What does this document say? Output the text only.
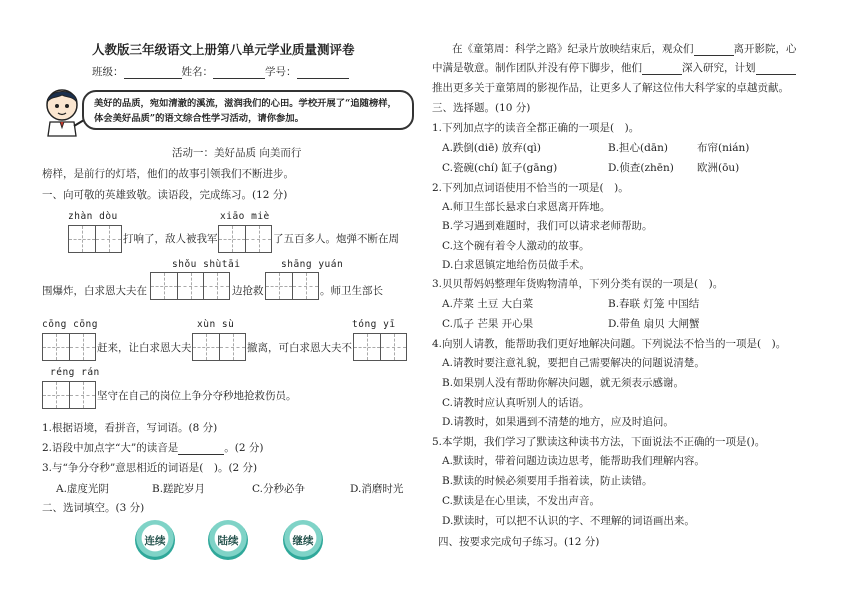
人教版三年级语文上册第八单元学业质量测评卷
班级：	姓名：	学号：
美好的品质，宛如清澈的溪流，滋润我们的心田。学校开展了“追随榜样，
体会美好品质”的语文综合性学习活动，请你参加。
活动一：美好品质 向美而行
榜样，是前行的灯塔，他们的故事引领我们不断进步。
一、向可敬的英雄致敬。读语段，完成练习。(12 分)
zhàn dòu	xiāo miè
打响了，敌人被我军	了五百多人。炮弹不断在周
shǒu shùtāi	shāng yuán
围爆炸，白求恩大夫在	边抢救	。师卫生部长
cōng cōng	xùn sù	tóng yī
赶来，让白求恩大夫	撤离，可白求恩大夫不
réng rán
坚守在自己的岗位上争分夺秒地抢救伤员。
1.根据语境，看拼音，写词语。(8 分)
2.语段中加点字“大”的读音是	。(2 分)
3.与“争分夺秒”意思相近的词语是(　)。(2 分)
A.虚度光阴	B.蹉跎岁月	C.分秒必争	D.消磨时光
二、选词填空。(3 分)
连续	陆续	继续
在《童第周：科学之路》纪录片放映结束后，观众们	离开影院，心
中满是敬意。制作团队并没有停下脚步，他们	深入研究，计划
推出更多关于童第周的影视作品，让更多人了解这位伟大科学家的卓越贡献。
三、选择题。(10 分)
1.下列加点字的读音全都正确的一项是(　)。
A.跌倒(diē) 放弃(qì)	B.担心(dān)	布帘(nián)
C.瓷碗(chí) 缸子(gāng)	D.侦查(zhēn) 欧洲(ōu)
2.下列加点词语使用不恰当的一项是(　)。
A.师卫生部长悬求白求恩离开阵地。
B.学习遇到难题时，我们可以请求老师帮助。
C.这个碗有着令人激动的故事。
D.白求恩镇定地给伤员做手术。
3.贝贝帮妈妈整理年货购物清单，下列分类有误的一项是(　)。
A.芹菜 土豆 大白菜	B.春联 灯笼 中国结
C.瓜子 芒果 开心果	D.带鱼 扇贝 大闸蟹
4.向别人请教，能帮助我们更好地解决问题。下列说法不恰当的一项是(　)。
A.请教时要注意礼貌，要把自己需要解决的问题说清楚。
B.如果别人没有帮助你解决问题，就无须表示感谢。
C.请教时应认真听别人的话语。
D.请教时，如果遇到不清楚的地方，应及时追问。
5.本学期，我们学习了默读这种读书方法，下面说法不正确的一项是()。
A.默读时，带着问题边读边思考，能帮助我们理解内容。
B.默读的时候必须要用手指着读，防止读错。
C.默读是在心里读，不发出声音。
D.默读时，可以把不认识的字、不理解的词语画出来。
四、按要求完成句子练习。(12 分)
